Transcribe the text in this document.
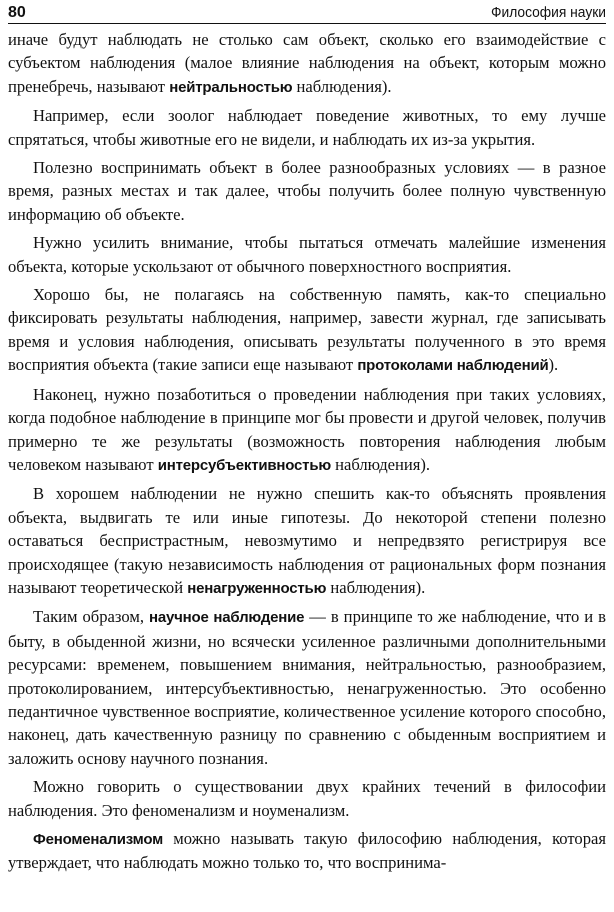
80	Философия науки

иначе будут наблюдать не столько сам объект, сколько его взаимодействие с субъектом наблюдения (малое влияние наблюдения на объект, которым можно пренебречь, называют нейтральностью наблюдения).

Например, если зоолог наблюдает поведение животных, то ему лучше спрятаться, чтобы животные его не видели, и наблюдать их из-за укрытия.

Полезно воспринимать объект в более разнообразных условиях — в разное время, разных местах и так далее, чтобы получить более полную чувственную информацию об объекте.

Нужно усилить внимание, чтобы пытаться отмечать малейшие изменения объекта, которые ускользают от обычного поверхностного восприятия.

Хорошо бы, не полагаясь на собственную память, как-то специально фиксировать результаты наблюдения, например, завести журнал, где записывать время и условия наблюдения, описывать результаты полученного в это время восприятия объекта (такие записи еще называют протоколами наблюдений).

Наконец, нужно позаботиться о проведении наблюдения при таких условиях, когда подобное наблюдение в принципе мог бы провести и другой человек, получив примерно те же результаты (возможность повторения наблюдения любым человеком называют интерсубъективностью наблюдения).

В хорошем наблюдении не нужно спешить как-то объяснять проявления объекта, выдвигать те или иные гипотезы. До некоторой степени полезно оставаться беспристрастным, невозмутимо и непредвзято регистрируя все происходящее (такую независимость наблюдения от рациональных форм познания называют теоретической ненагруженностью наблюдения).

Таким образом, научное наблюдение — в принципе то же наблюдение, что и в быту, в обыденной жизни, но всячески усиленное различными дополнительными ресурсами: временем, повышением внимания, нейтральностью, разнообразием, протоколированием, интерсубъективностью, ненагруженностью. Это особенно педантичное чувственное восприятие, количественное усиление которого способно, наконец, дать качественную разницу по сравнению с обыденным восприятием и заложить основу научного познания.

Можно говорить о существовании двух крайних течений в философии наблюдения. Это феноменализм и ноуменализм.

Феноменализмом можно называть такую философию наблюдения, которая утверждает, что наблюдать можно только то, что воспринима-
